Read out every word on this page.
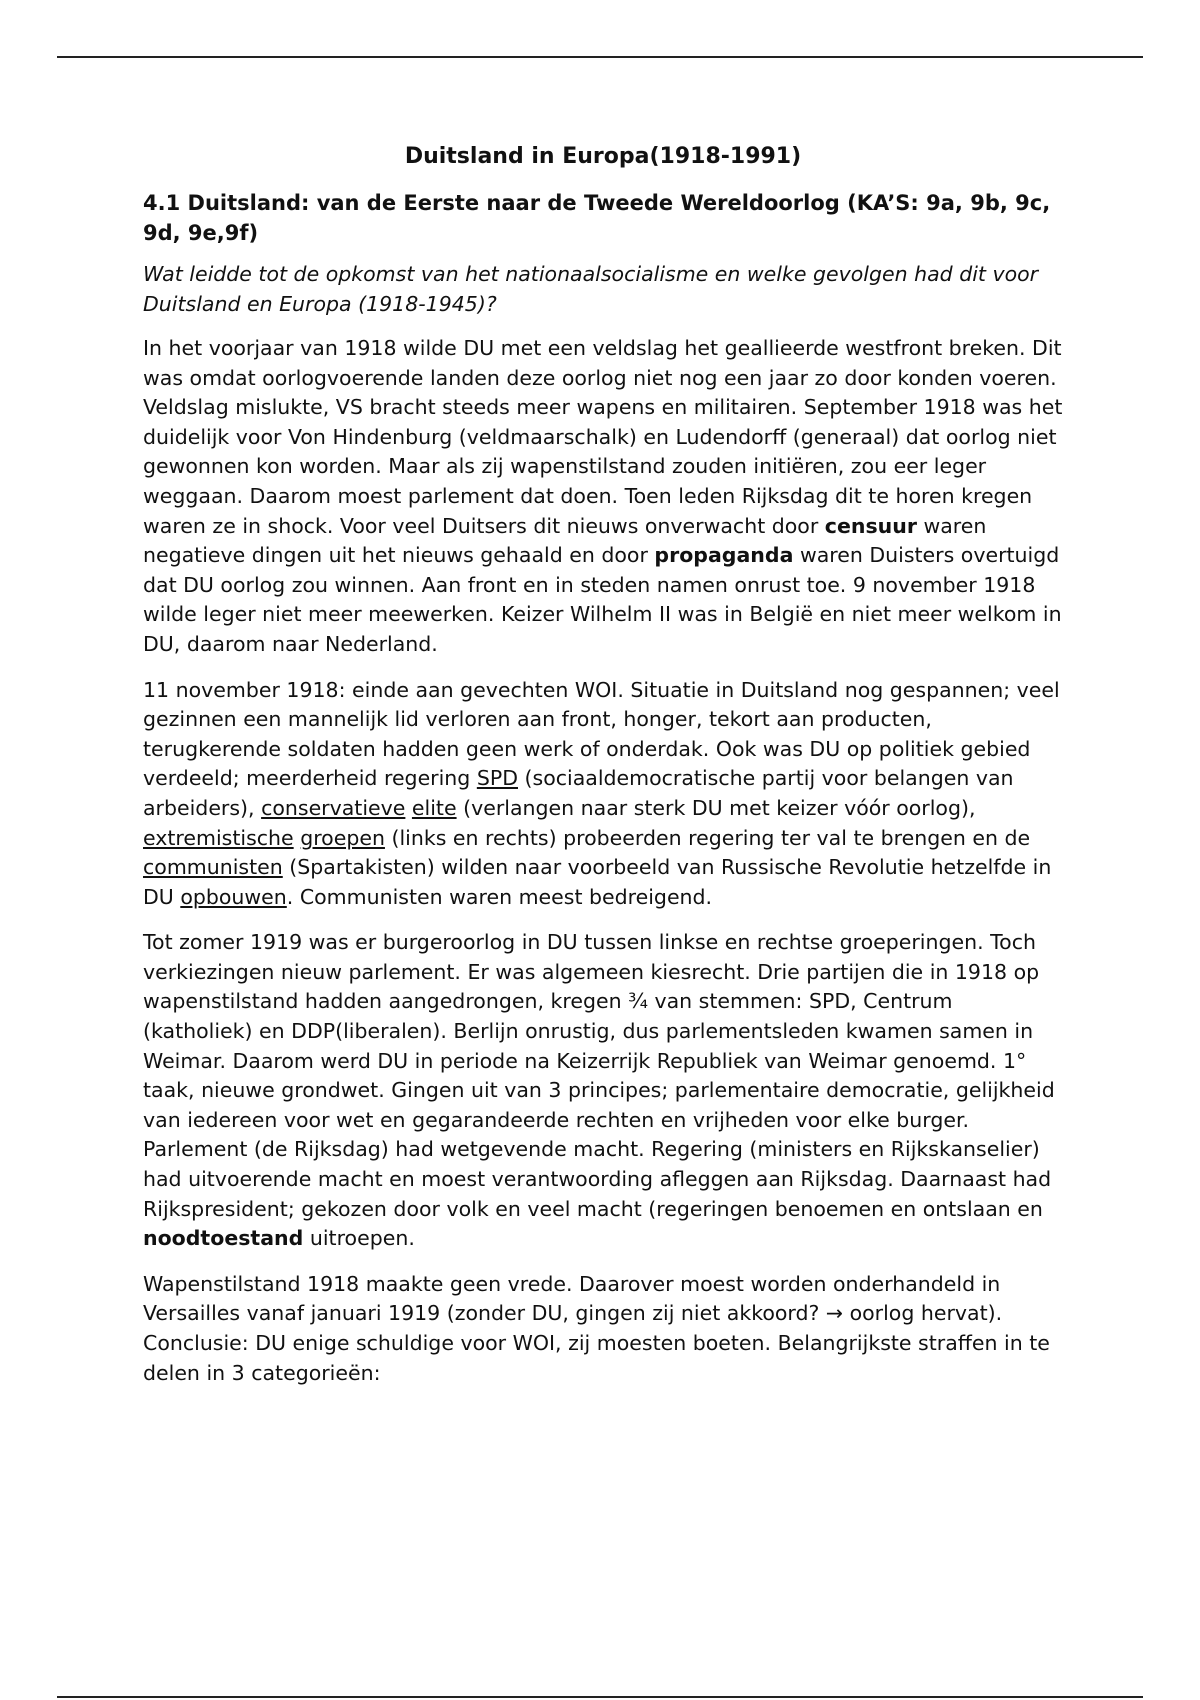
Duitsland in Europa(1918-1991)
4.1 Duitsland: van de Eerste naar de Tweede Wereldoorlog (KA’S: 9a, 9b, 9c, 9d, 9e,9f)
Wat leidde tot de opkomst van het nationaalsocialisme en welke gevolgen had dit voor Duitsland en Europa (1918-1945)?

In het voorjaar van 1918 wilde DU met een veldslag het geallieerde westfront breken. Dit was omdat oorlogvoerende landen deze oorlog niet nog een jaar zo door konden voeren. Veldslag mislukte, VS bracht steeds meer wapens en militairen. September 1918 was het duidelijk voor Von Hindenburg (veldmaarschalk) en Ludendorff (generaal) dat oorlog niet gewonnen kon worden. Maar als zij wapenstilstand zouden initiëren, zou eer leger weggaan. Daarom moest parlement dat doen. Toen leden Rijksdag dit te horen kregen waren ze in shock. Voor veel Duitsers dit nieuws onverwacht door censuur waren negatieve dingen uit het nieuws gehaald en door propaganda waren Duisters overtuigd dat DU oorlog zou winnen. Aan front en in steden namen onrust toe. 9 november 1918 wilde leger niet meer meewerken. Keizer Wilhelm II was in België en niet meer welkom in DU, daarom naar Nederland.

11 november 1918: einde aan gevechten WOI. Situatie in Duitsland nog gespannen; veel gezinnen een mannelijk lid verloren aan front, honger, tekort aan producten, terugkerende soldaten hadden geen werk of onderdak. Ook was DU op politiek gebied verdeeld; meerderheid regering SPD (sociaaldemocratische partij voor belangen van arbeiders), conservatieve elite (verlangen naar sterk DU met keizer vóór oorlog), extremistische groepen (links en rechts) probeerden regering ter val te brengen en de communisten (Spartakisten) wilden naar voorbeeld van Russische Revolutie hetzelfde in DU opbouwen. Communisten waren meest bedreigend.

Tot zomer 1919 was er burgeroorlog in DU tussen linkse en rechtse groeperingen. Toch verkiezingen nieuw parlement. Er was algemeen kiesrecht. Drie partijen die in 1918 op wapenstilstand hadden aangedrongen, kregen ¾ van stemmen: SPD, Centrum (katholiek) en DDP(liberalen). Berlijn onrustig, dus parlementsleden kwamen samen in Weimar. Daarom werd DU in periode na Keizerrijk Republiek van Weimar genoemd. 1° taak, nieuwe grondwet. Gingen uit van 3 principes; parlementaire democratie, gelijkheid van iedereen voor wet en gegarandeerde rechten en vrijheden voor elke burger. Parlement (de Rijksdag) had wetgevende macht. Regering (ministers en Rijkskanselier) had uitvoerende macht en moest verantwoording afleggen aan Rijksdag. Daarnaast had Rijkspresident; gekozen door volk en veel macht (regeringen benoemen en ontslaan en noodtoestand uitroepen.

Wapenstilstand 1918 maakte geen vrede. Daarover moest worden onderhandeld in Versailles vanaf januari 1919 (zonder DU, gingen zij niet akkoord? → oorlog hervat). Conclusie: DU enige schuldige voor WOI, zij moesten boeten. Belangrijkste straffen in te delen in 3 categorieën:
